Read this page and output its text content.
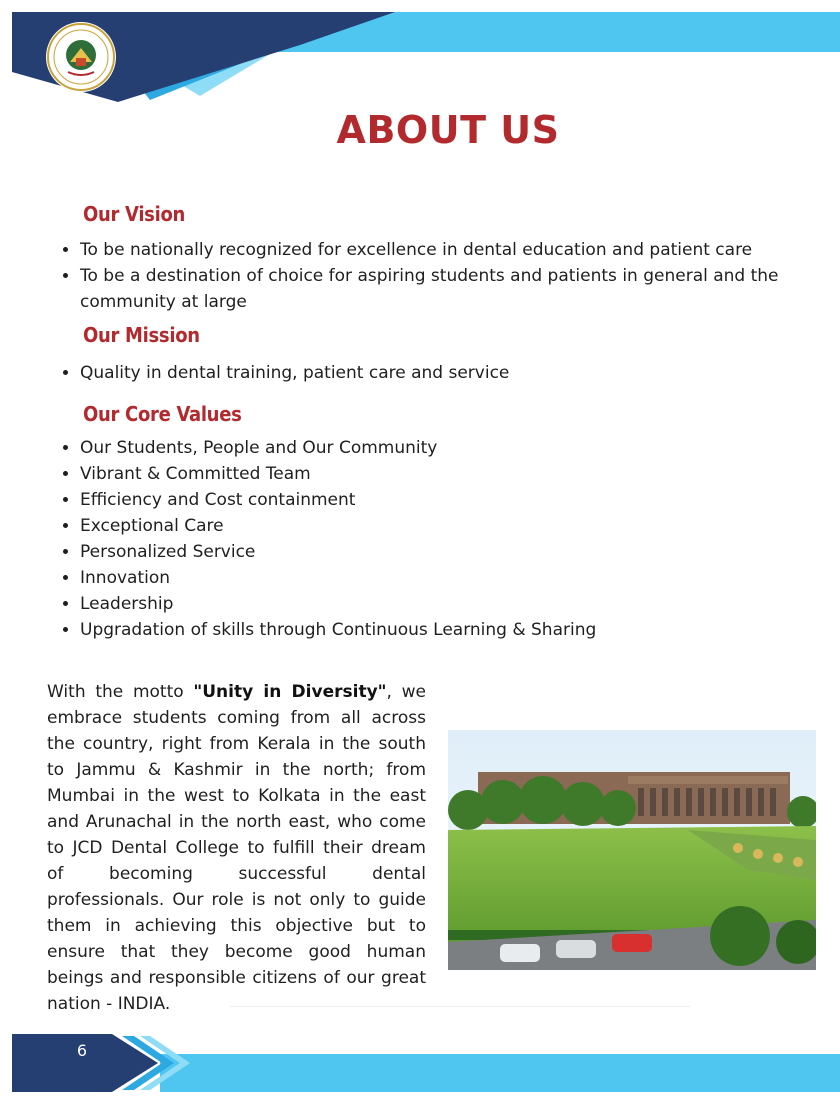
ABOUT US
Our Vision
• To be nationally recognized for excellence in dental education and patient care
• To be a destination of choice for aspiring students and patients in general and the community at large
Our Mission
• Quality in dental training, patient care and service
Our Core Values
• Our Students, People and Our Community
• Vibrant & Committed Team
• Efficiency and Cost containment
• Exceptional Care
• Personalized Service
• Innovation
• Leadership
• Upgradation of skills through Continuous Learning & Sharing
With the motto "Unity in Diversity", we embrace students coming from all across the country, right from Kerala in the south to Jammu & Kashmir in the north; from Mumbai in the west to Kolkata in the east and Arunachal in the north east, who come to JCD Dental College to fulfill their dream of becoming successful dental professionals. Our role is not only to guide them in achieving this objective but to ensure that they become good human beings and responsible citizens of our great nation - INDIA.
6
